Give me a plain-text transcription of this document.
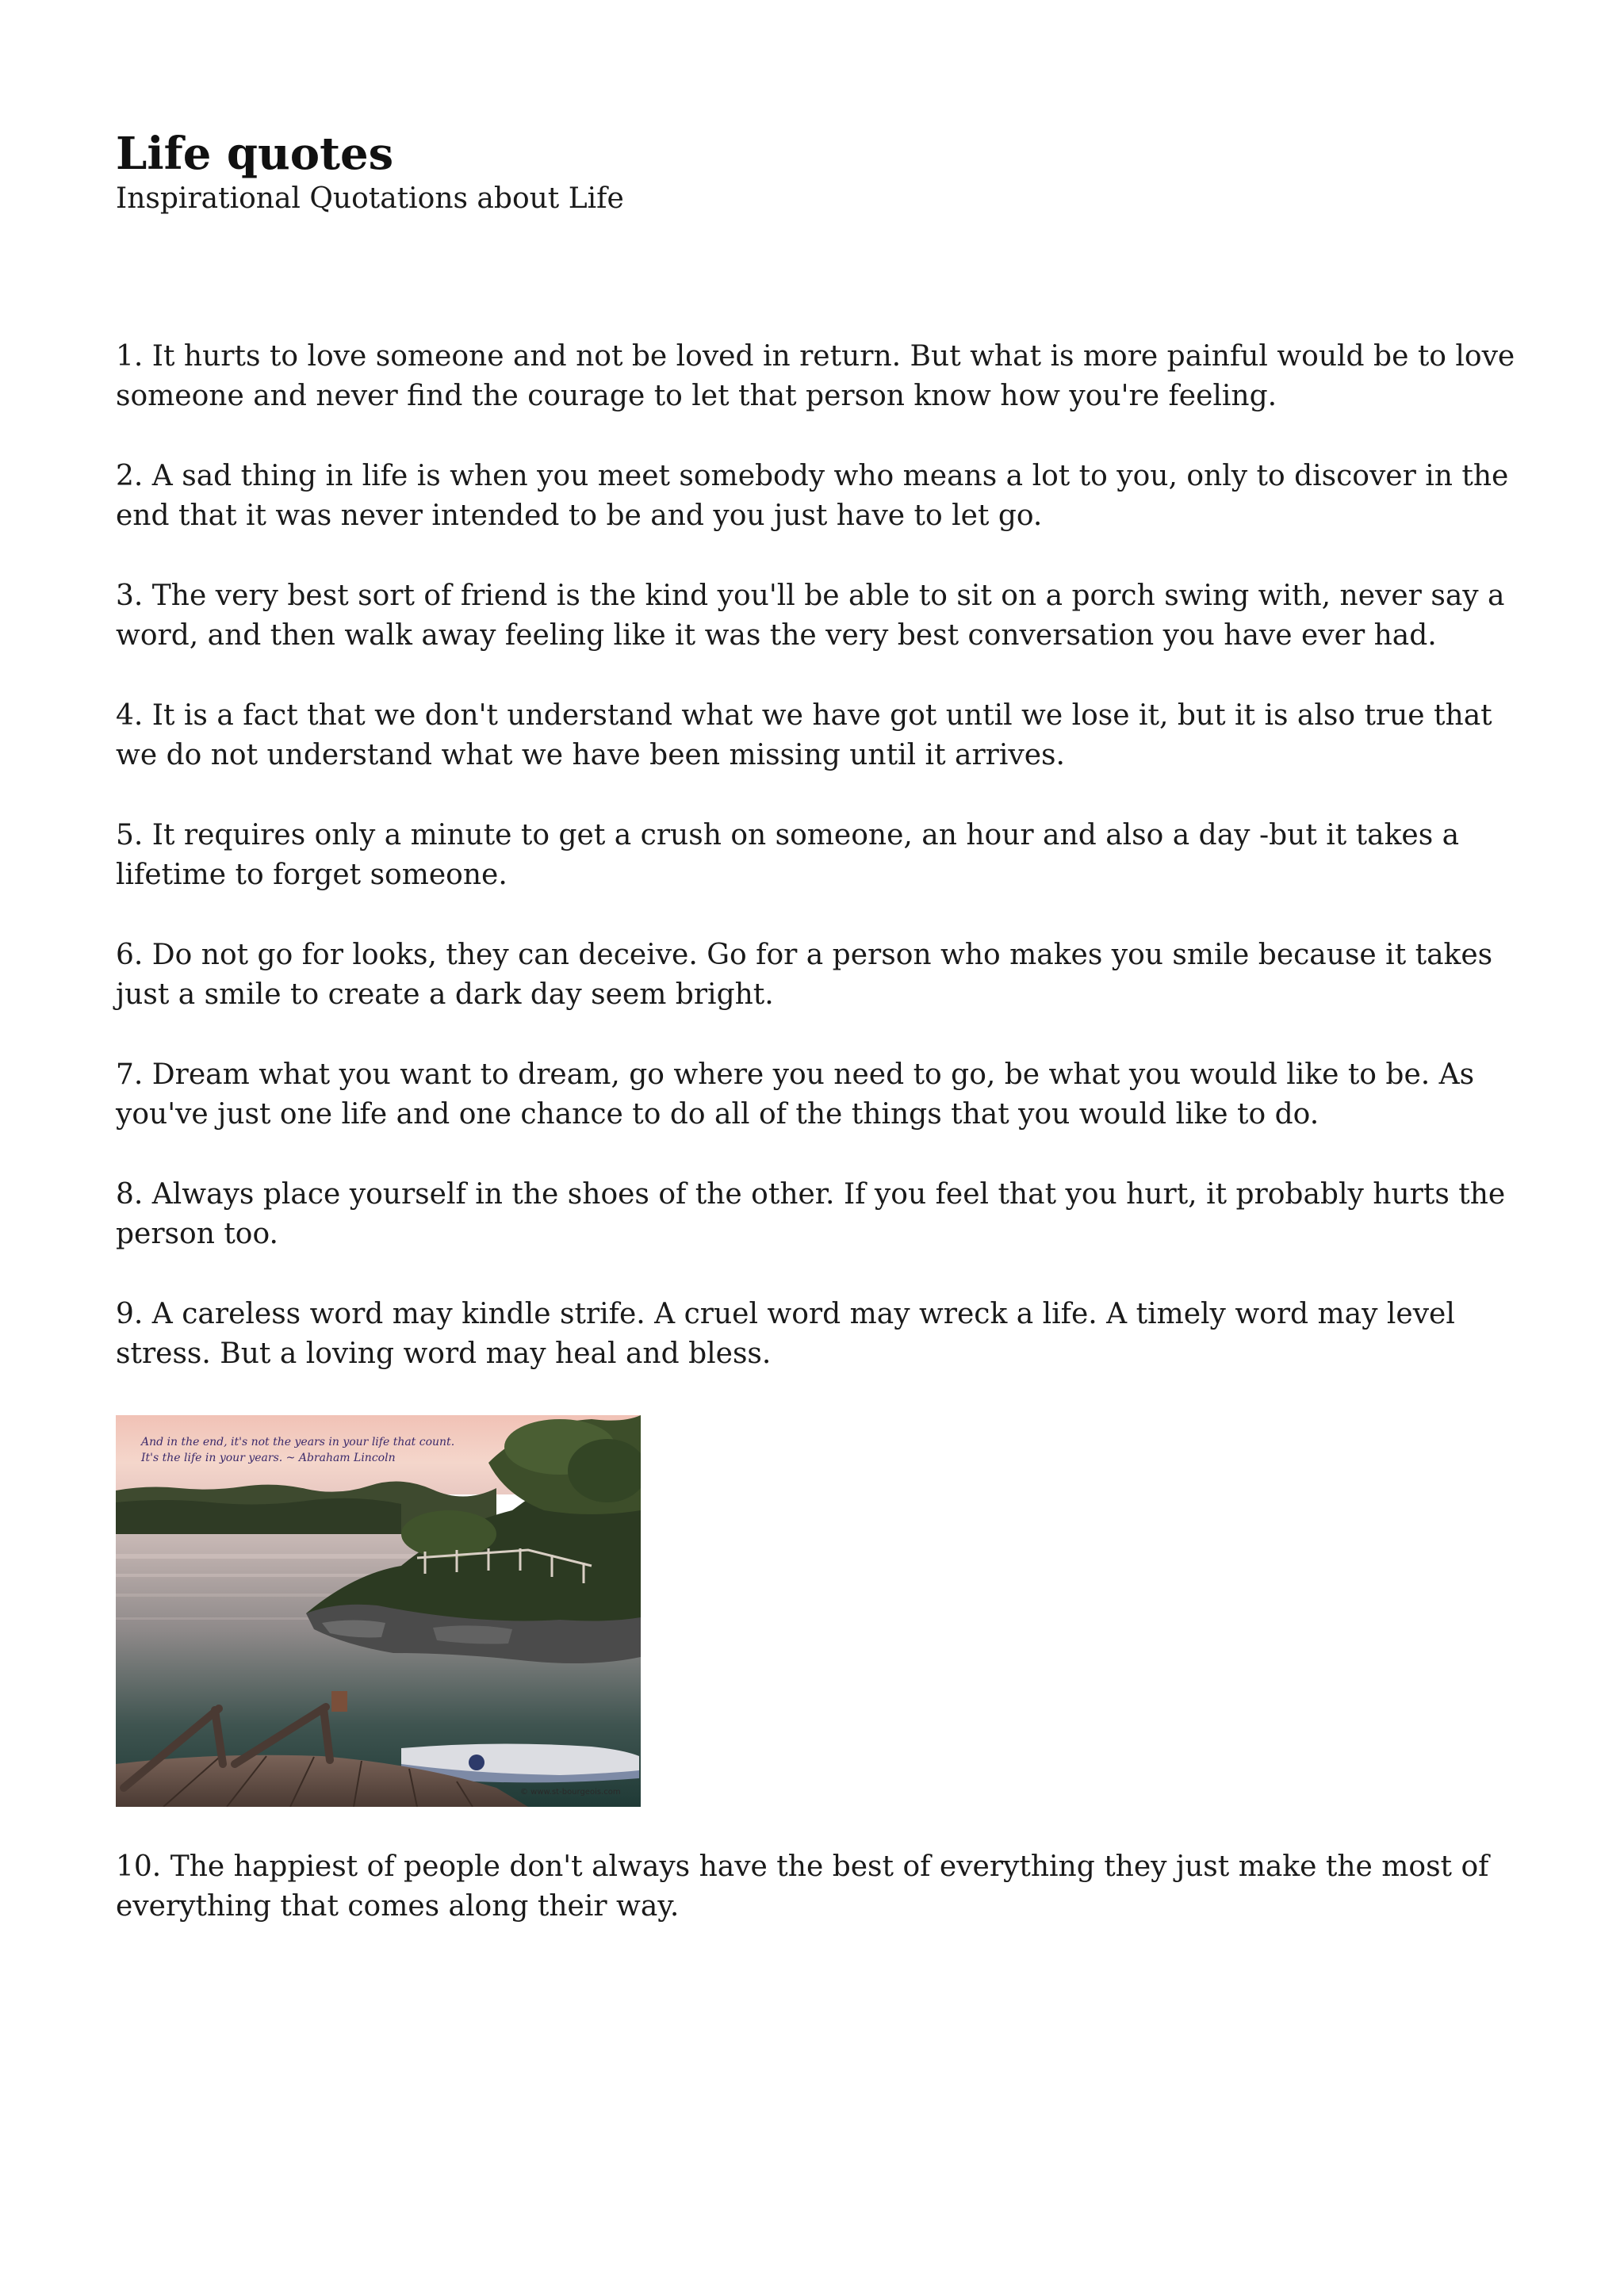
Life quotes

Inspirational Quotations about Life

1. It hurts to love someone and not be loved in return. But what is more painful would be to love someone and never find the courage to let that person know how you're feeling.

2. A sad thing in life is when you meet somebody who means a lot to you, only to discover in the end that it was never intended to be and you just have to let go.

3. The very best sort of friend is the kind you'll be able to sit on a porch swing with, never say a word, and then walk away feeling like it was the very best conversation you have ever had.

4. It is a fact that we don't understand what we have got until we lose it, but it is also true that we do not understand what we have been missing until it arrives.

5. It requires only a minute to get a crush on someone, an hour and also a day -but it takes a lifetime to forget someone.

6. Do not go for looks, they can deceive. Go for a person who makes you smile because it takes just a smile to create a dark day seem bright.

7. Dream what you want to dream, go where you need to go, be what you would like to be. As you've just one life and one chance to do all of the things that you would like to do.

8. Always place yourself in the shoes of the other. If you feel that you hurt, it probably hurts the person too.

9. A careless word may kindle strife. A cruel word may wreck a life. A timely word may level stress. But a loving word may heal and bless.

And in the end, it's not the years in your life that count.
It's the life in your years. ~ Abraham Lincoln
© www.st-bourgeois.com

10. The happiest of people don't always have the best of everything they just make the most of everything that comes along their way.
